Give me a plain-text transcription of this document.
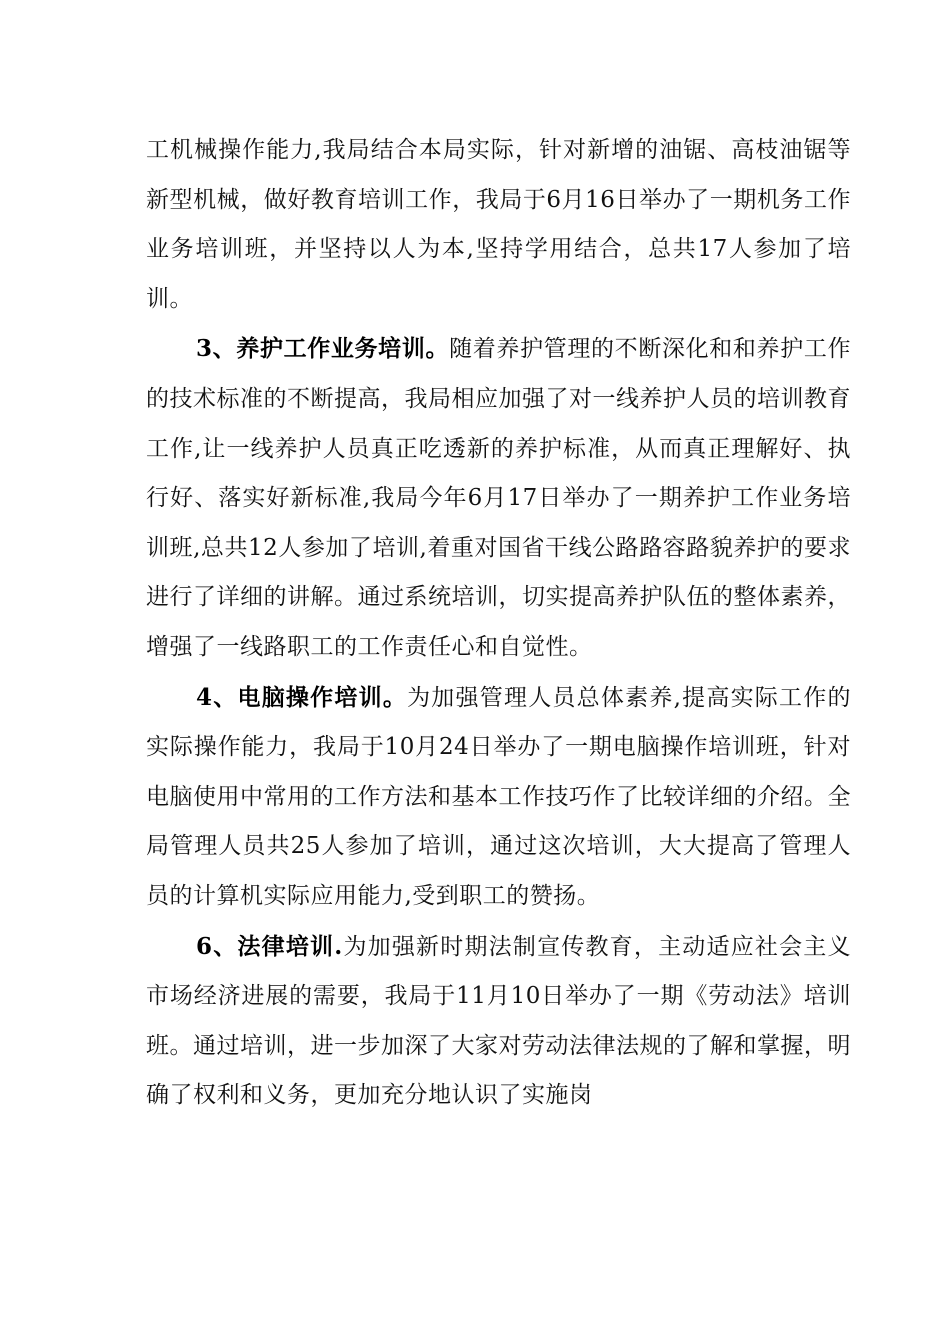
工机械操作能力,我局结合本局实际，针对新增的油锯、高枝油锯等新型机械，做好教育培训工作，我局于6月16日举办了一期机务工作业务培训班，并坚持以人为本,坚持学用结合，总共17人参加了培训。

3、养护工作业务培训。随着养护管理的不断深化和和养护工作的技术标准的不断提高，我局相应加强了对一线养护人员的培训教育工作,让一线养护人员真正吃透新的养护标准，从而真正理解好、执行好、落实好新标准,我局今年6月17日举办了一期养护工作业务培训班,总共12人参加了培训,着重对国省干线公路路容路貌养护的要求进行了详细的讲解。通过系统培训，切实提高养护队伍的整体素养，增强了一线路职工的工作责任心和自觉性。

4、电脑操作培训。为加强管理人员总体素养,提高实际工作的实际操作能力，我局于10月24日举办了一期电脑操作培训班，针对电脑使用中常用的工作方法和基本工作技巧作了比较详细的介绍。全局管理人员共25人参加了培训，通过这次培训，大大提高了管理人员的计算机实际应用能力,受到职工的赞扬。

6、法律培训.为加强新时期法制宣传教育，主动适应社会主义市场经济进展的需要，我局于11月10日举办了一期《劳动法》培训班。通过培训，进一步加深了大家对劳动法律法规的了解和掌握，明确了权利和义务，更加充分地认识了实施岗
